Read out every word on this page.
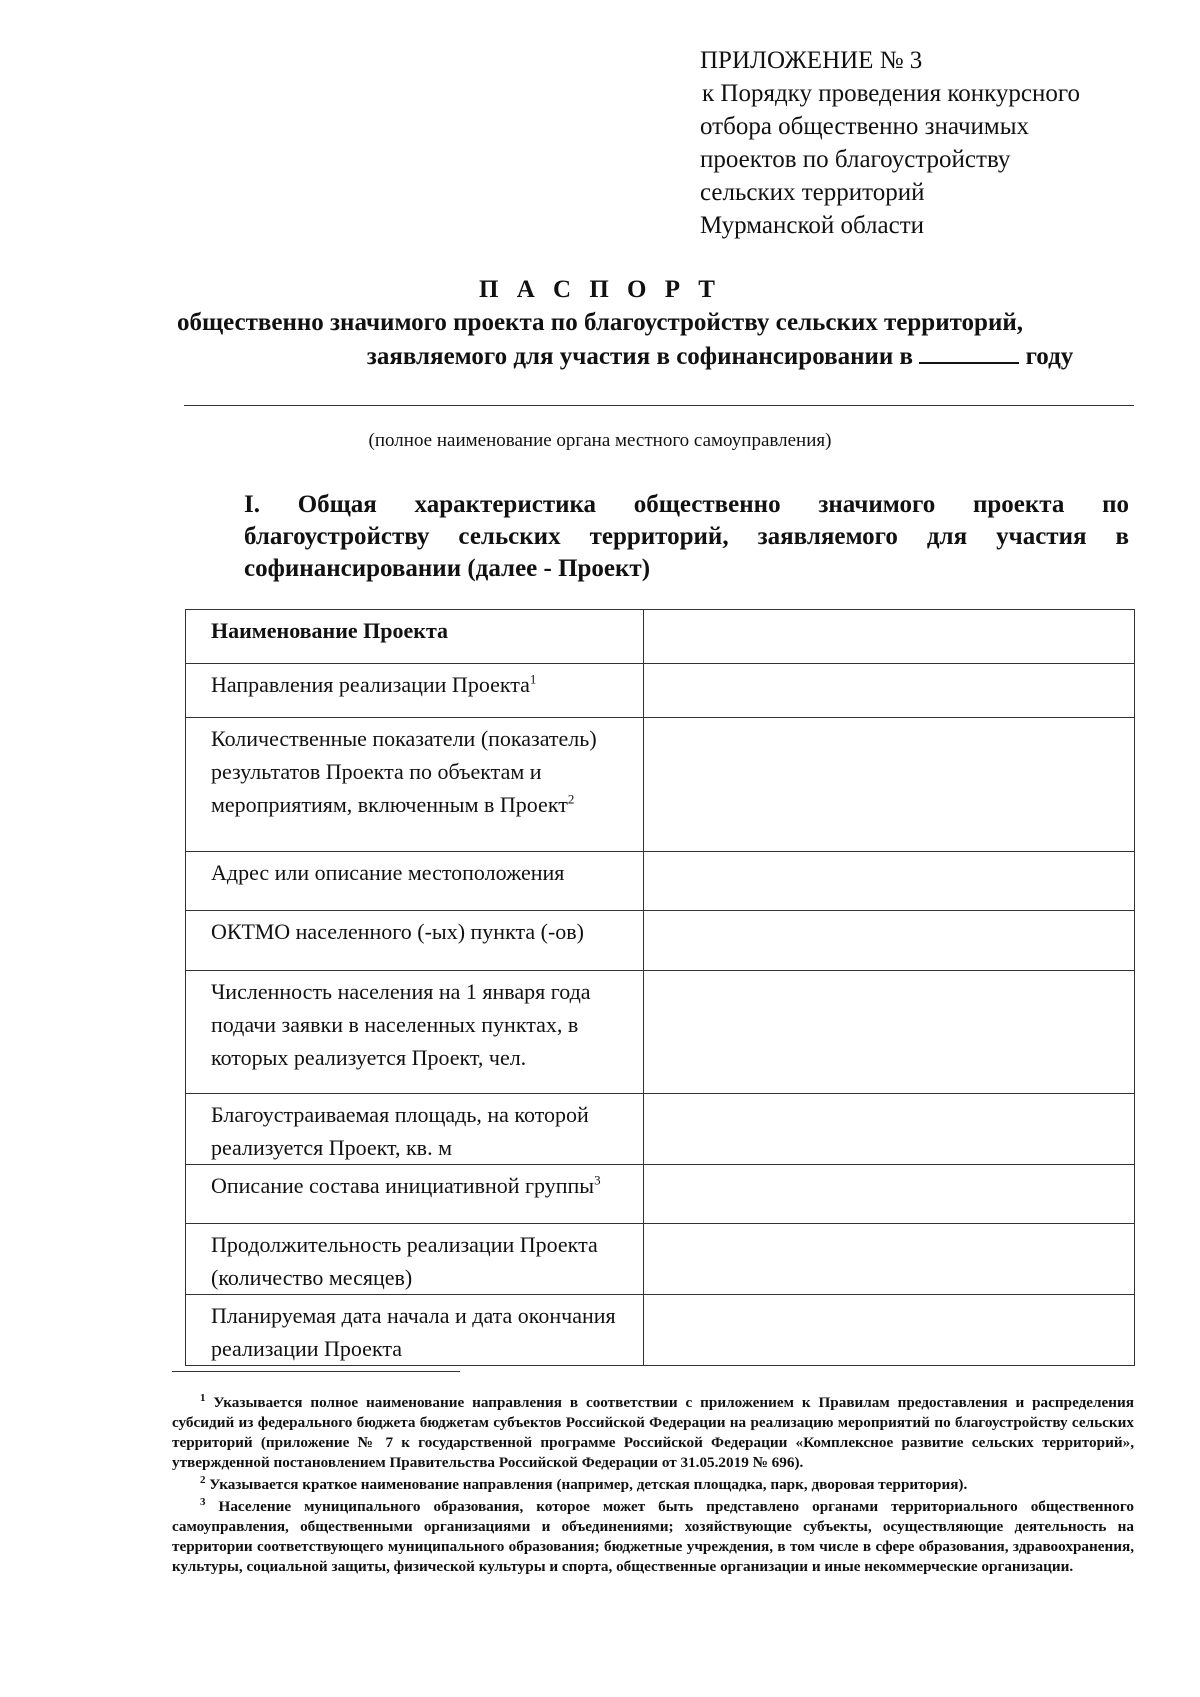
ПРИЛОЖЕНИЕ № 3
к Порядку проведения конкурсного
отбора общественно значимых
проектов по благоустройству
сельских территорий
Мурманской области
П А С П О Р Т
общественно значимого проекта по благоустройству сельских территорий,
заявляемого для участия в софинансировании в	году
(полное наименование органа местного самоуправления)
I. Общая характеристика общественно значимого проекта по
благоустройству сельских территорий, заявляемого для участия в
софинансировании (далее - Проект)
Наименование Проекта	
Направления реализации Проекта$^1$	
Количественные показатели (показатель) результатов Проекта по объектам и мероприятиям, включенным в Проект$^2$	
Адрес или описание местоположения	
ОКТМО населенного (-ых) пункта (-ов)	
Численность населения на 1 января года подачи заявки в населенных пунктах, в которых реализуется Проект, чел.	
Благоустраиваемая площадь, на которой реализуется Проект, кв. м	
Описание состава инициативной группы$^3$	
Продолжительность реализации Проекта (количество месяцев)	
Планируемая дата начала и дата окончания реализации Проекта	

$^1$ Указывается полное наименование направления в соответствии с приложением к Правилам предоставления и распределения субсидий из федерального бюджета бюджетам субъектов Российской Федерации на реализацию мероприятий по благоустройству сельских территорий (приложение № 7 к государственной программе Российской Федерации «Комплексное развитие сельских территорий», утвержденной постановлением Правительства Российской Федерации от 31.05.2019 № 696).

$^2$ Указывается краткое наименование направления (например, детская площадка, парк, дворовая территория).

$^3$ Население муниципального образования, которое может быть представлено органами территориального общественного самоуправления, общественными организациями и объединениями; хозяйствующие субъекты, осуществляющие деятельность на территории соответствующего муниципального образования; бюджетные учреждения, в том числе в сфере образования, здравоохранения, культуры, социальной защиты, физической культуры и спорта, общественные организации и иные некоммерческие организации.
